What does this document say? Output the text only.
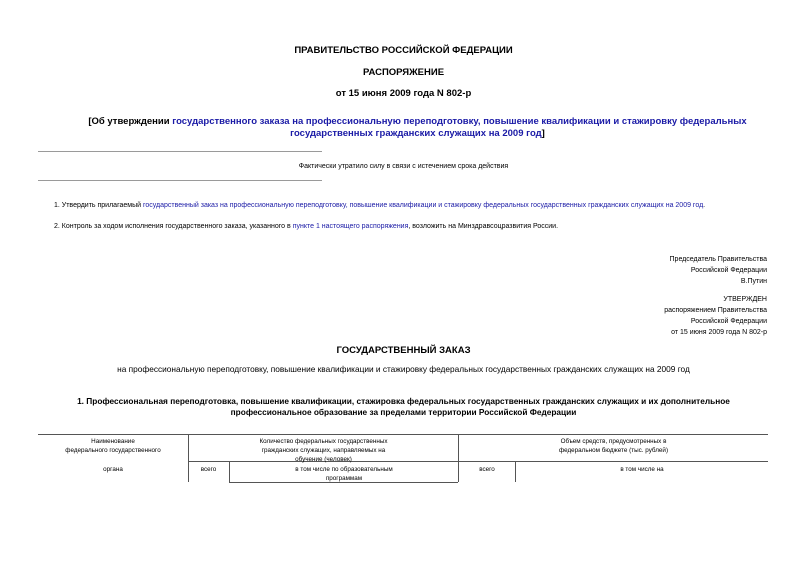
ПРАВИТЕЛЬСТВО РОССИЙСКОЙ ФЕДЕРАЦИИ
РАСПОРЯЖЕНИЕ
от 15 июня 2009 года N 802-р
[Об утверждении государственного заказа на профессиональную переподготовку, повышение квалификации и стажировку федеральных государственных гражданских служащих на 2009 год]
Фактически утратило силу в связи с истечением срока действия
1. Утвердить прилагаемый государственный заказ на профессиональную переподготовку, повышение квалификации и стажировку федеральных государственных гражданских служащих на 2009 год.
2. Контроль за ходом исполнения государственного заказа, указанного в пункте 1 настоящего распоряжения, возложить на Минздравсоцразвития России.
Председатель Правительства
Российской Федерации
В.Путин
УТВЕРЖДЕН
распоряжением Правительства
Российской Федерации
от 15 июня 2009 года N 802-р
ГОСУДАРСТВЕННЫЙ ЗАКАЗ
на профессиональную переподготовку, повышение квалификации и стажировку федеральных государственных гражданских служащих на 2009 год
1. Профессиональная переподготовка, повышение квалификации, стажировка федеральных государственных гражданских служащих и их дополнительное
профессиональное образование за пределами территории Российской Федерации
Наименование
федерального государственного
органа
Количество федеральных государственных
гражданских служащих, направляемых на
обучение (человек)
Объем средств, предусмотренных в
федеральном бюджете (тыс. рублей)
всего	в том числе по образовательным
программам
всего	в том числе на
